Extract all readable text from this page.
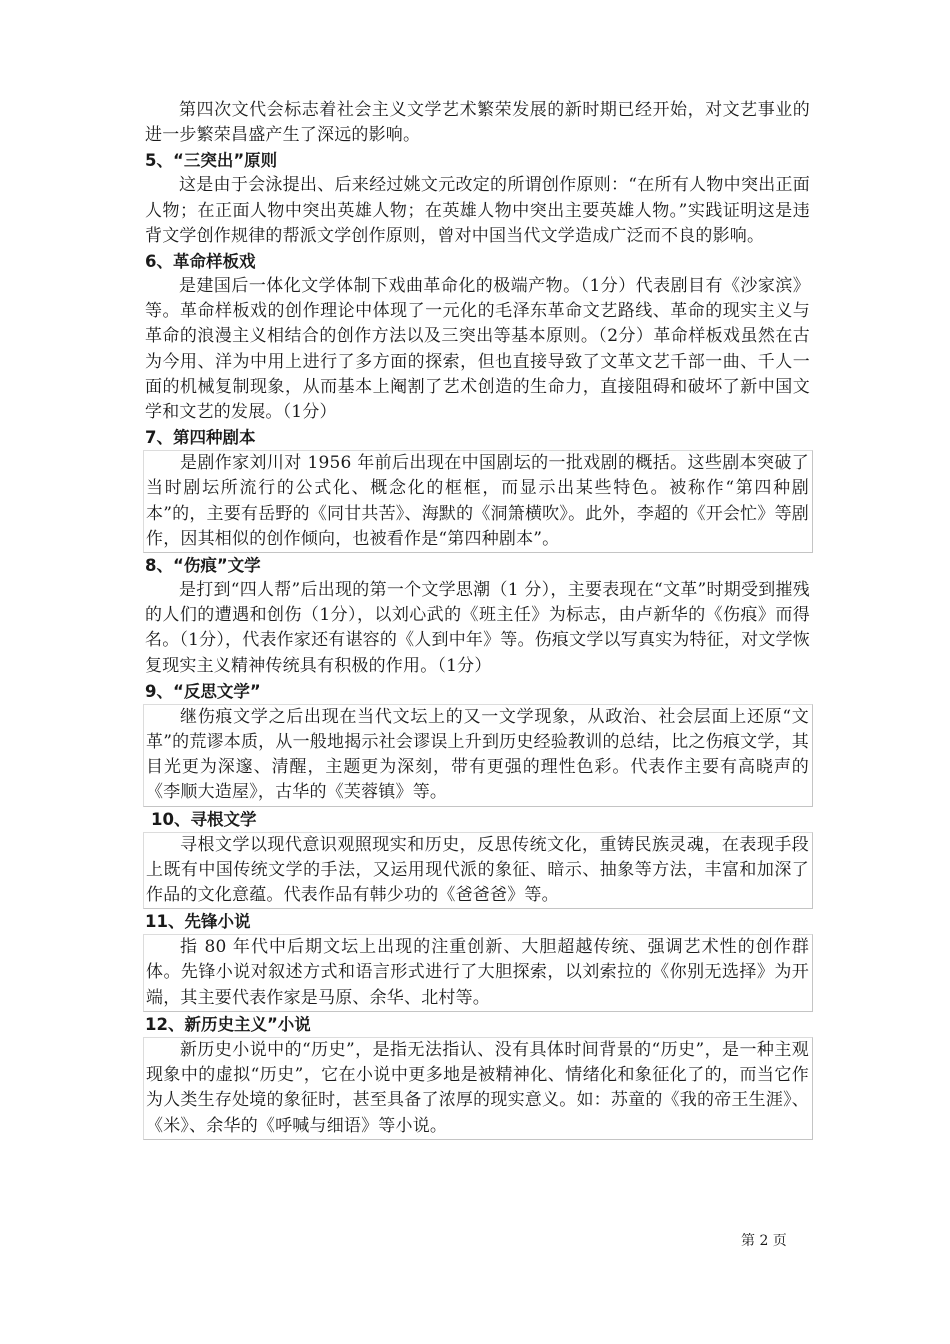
第四次文代会标志着社会主义文学艺术繁荣发展的新时期已经开始，对文艺事业的进一步繁荣昌盛产生了深远的影响。

5、“三突出”原则

这是由于会泳提出、后来经过姚文元改定的所谓创作原则：“在所有人物中突出正面人物；在正面人物中突出英雄人物；在英雄人物中突出主要英雄人物。”实践证明这是违背文学创作规律的帮派文学创作原则，曾对中国当代文学造成广泛而不良的影响。

6、革命样板戏

是建国后一体化文学体制下戏曲革命化的极端产物。（1分）代表剧目有《沙家滨》等。革命样板戏的创作理论中体现了一元化的毛泽东革命文艺路线、革命的现实主义与革命的浪漫主义相结合的创作方法以及三突出等基本原则。（2分）革命样板戏虽然在古为今用、洋为中用上进行了多方面的探索，但也直接导致了文革文艺千部一曲、千人一面的机械复制现象，从而基本上阉割了艺术创造的生命力，直接阻碍和破坏了新中国文学和文艺的发展。（1分）

7、第四种剧本

是剧作家刘川对 1956 年前后出现在中国剧坛的一批戏剧的概括。这些剧本突破了当时剧坛所流行的公式化、概念化的框框，而显示出某些特色。被称作“第四种剧本”的，主要有岳野的《同甘共苦》、海默的《洞箫横吹》。此外，李超的《开会忙》等剧作，因其相似的创作倾向，也被看作是“第四种剧本”。

8、“伤痕”文学

是打到“四人帮”后出现的第一个文学思潮（1 分），主要表现在“文革”时期受到摧残的人们的遭遇和创伤（1分），以刘心武的《班主任》为标志，由卢新华的《伤痕》而得名。（1分），代表作家还有谌容的《人到中年》等。伤痕文学以写真实为特征，对文学恢复现实主义精神传统具有积极的作用。（1分）

9、“反思文学”

继伤痕文学之后出现在当代文坛上的又一文学现象，从政治、社会层面上还原“文革”的荒谬本质，从一般地揭示社会谬误上升到历史经验教训的总结，比之伤痕文学，其目光更为深邃、清醒，主题更为深刻，带有更强的理性色彩。代表作主要有高晓声的《李顺大造屋》，古华的《芙蓉镇》等。

10、寻根文学

寻根文学以现代意识观照现实和历史，反思传统文化，重铸民族灵魂，在表现手段上既有中国传统文学的手法，又运用现代派的象征、暗示、抽象等方法，丰富和加深了作品的文化意蕴。代表作品有韩少功的《爸爸爸》等。

11、先锋小说

指 80 年代中后期文坛上出现的注重创新、大胆超越传统、强调艺术性的创作群体。先锋小说对叙述方式和语言形式进行了大胆探索，以刘索拉的《你别无选择》为开端，其主要代表作家是马原、余华、北村等。

12、新历史主义”小说

新历史小说中的“历史”，是指无法指认、没有具体时间背景的“历史”，是一种主观现象中的虚拟“历史”，它在小说中更多地是被精神化、情绪化和象征化了的，而当它作为人类生存处境的象征时，甚至具备了浓厚的现实意义。如：苏童的《我的帝王生涯》、《米》、余华的《呼喊与细语》等小说。

第 2 页
